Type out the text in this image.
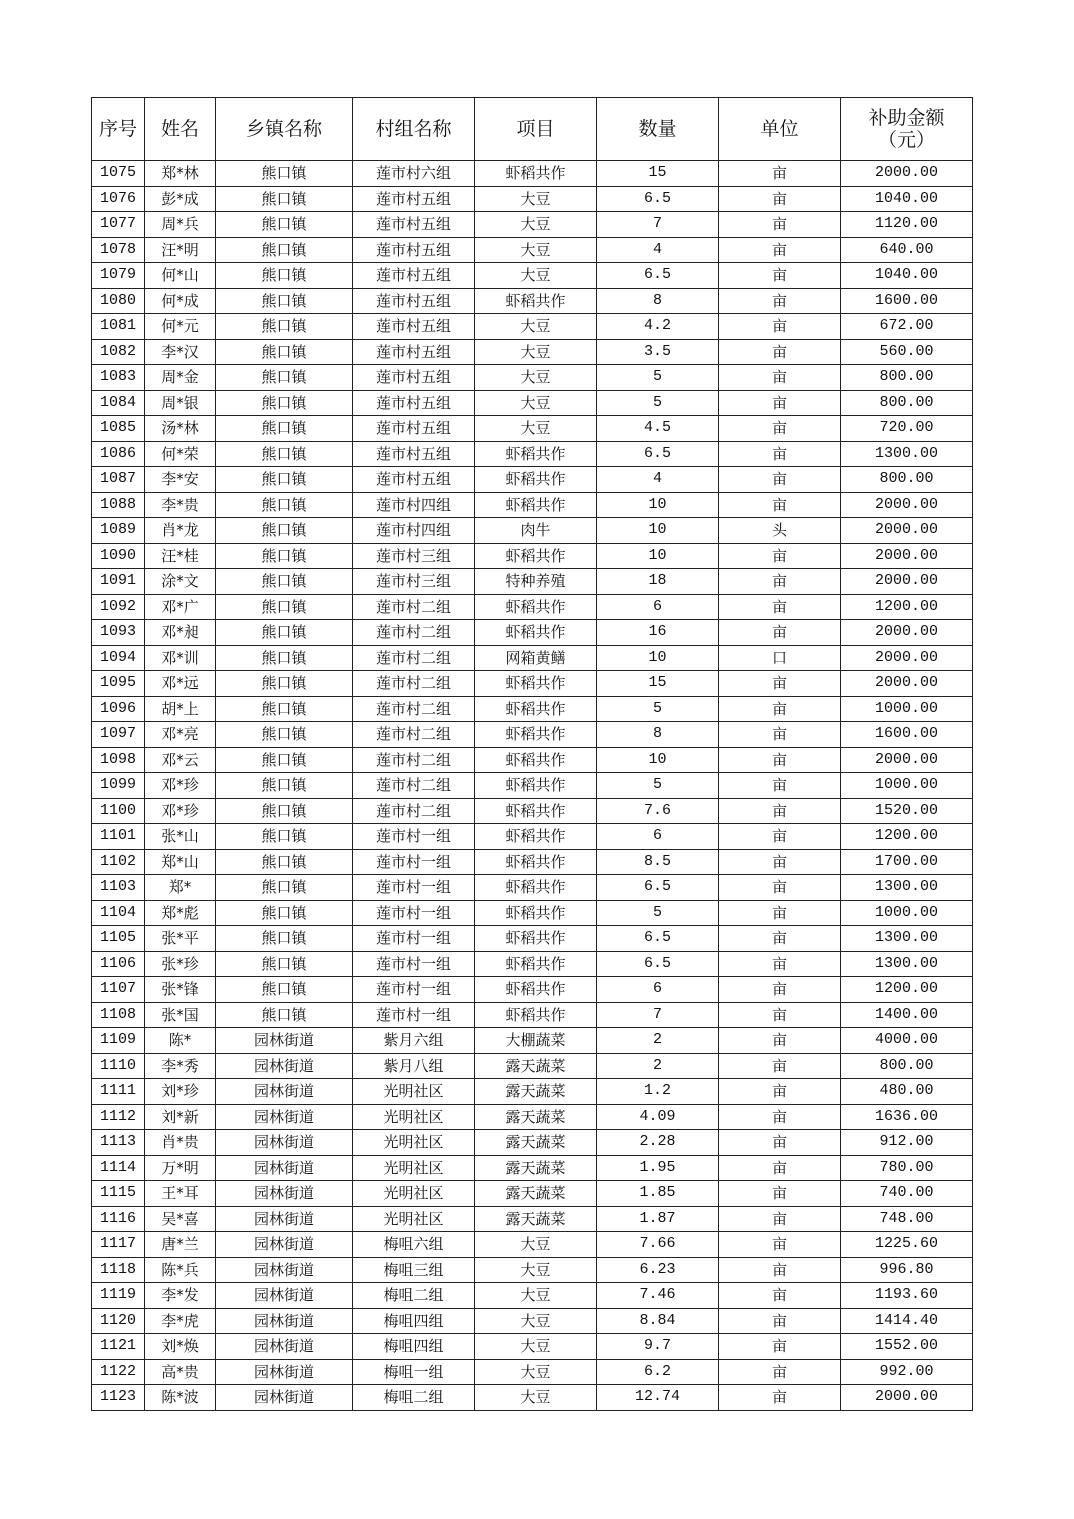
序号	姓名	乡镇名称	村组名称	项目	数量	单位	补助金额
（元）
1075	郑*林	熊口镇	莲市村六组	虾稻共作	15	亩	2000.00
1076	彭*成	熊口镇	莲市村五组	大豆	6.5	亩	1040.00
1077	周*兵	熊口镇	莲市村五组	大豆	7	亩	1120.00
1078	汪*明	熊口镇	莲市村五组	大豆	4	亩	640.00
1079	何*山	熊口镇	莲市村五组	大豆	6.5	亩	1040.00
1080	何*成	熊口镇	莲市村五组	虾稻共作	8	亩	1600.00
1081	何*元	熊口镇	莲市村五组	大豆	4.2	亩	672.00
1082	李*汉	熊口镇	莲市村五组	大豆	3.5	亩	560.00
1083	周*金	熊口镇	莲市村五组	大豆	5	亩	800.00
1084	周*银	熊口镇	莲市村五组	大豆	5	亩	800.00
1085	汤*林	熊口镇	莲市村五组	大豆	4.5	亩	720.00
1086	何*荣	熊口镇	莲市村五组	虾稻共作	6.5	亩	1300.00
1087	李*安	熊口镇	莲市村五组	虾稻共作	4	亩	800.00
1088	李*贵	熊口镇	莲市村四组	虾稻共作	10	亩	2000.00
1089	肖*龙	熊口镇	莲市村四组	肉牛	10	头	2000.00
1090	汪*桂	熊口镇	莲市村三组	虾稻共作	10	亩	2000.00
1091	涂*文	熊口镇	莲市村三组	特种养殖	18	亩	2000.00
1092	邓*广	熊口镇	莲市村二组	虾稻共作	6	亩	1200.00
1093	邓*昶	熊口镇	莲市村二组	虾稻共作	16	亩	2000.00
1094	邓*训	熊口镇	莲市村二组	网箱黄鳝	10	口	2000.00
1095	邓*远	熊口镇	莲市村二组	虾稻共作	15	亩	2000.00
1096	胡*上	熊口镇	莲市村二组	虾稻共作	5	亩	1000.00
1097	邓*亮	熊口镇	莲市村二组	虾稻共作	8	亩	1600.00
1098	邓*云	熊口镇	莲市村二组	虾稻共作	10	亩	2000.00
1099	邓*珍	熊口镇	莲市村二组	虾稻共作	5	亩	1000.00
1100	邓*珍	熊口镇	莲市村二组	虾稻共作	7.6	亩	1520.00
1101	张*山	熊口镇	莲市村一组	虾稻共作	6	亩	1200.00
1102	郑*山	熊口镇	莲市村一组	虾稻共作	8.5	亩	1700.00
1103	郑*	熊口镇	莲市村一组	虾稻共作	6.5	亩	1300.00
1104	郑*彪	熊口镇	莲市村一组	虾稻共作	5	亩	1000.00
1105	张*平	熊口镇	莲市村一组	虾稻共作	6.5	亩	1300.00
1106	张*珍	熊口镇	莲市村一组	虾稻共作	6.5	亩	1300.00
1107	张*锋	熊口镇	莲市村一组	虾稻共作	6	亩	1200.00
1108	张*国	熊口镇	莲市村一组	虾稻共作	7	亩	1400.00
1109	陈*	园林街道	紫月六组	大棚蔬菜	2	亩	4000.00
1110	李*秀	园林街道	紫月八组	露天蔬菜	2	亩	800.00
1111	刘*珍	园林街道	光明社区	露天蔬菜	1.2	亩	480.00
1112	刘*新	园林街道	光明社区	露天蔬菜	4.09	亩	1636.00
1113	肖*贵	园林街道	光明社区	露天蔬菜	2.28	亩	912.00
1114	万*明	园林街道	光明社区	露天蔬菜	1.95	亩	780.00
1115	王*耳	园林街道	光明社区	露天蔬菜	1.85	亩	740.00
1116	吴*喜	园林街道	光明社区	露天蔬菜	1.87	亩	748.00
1117	唐*兰	园林街道	梅咀六组	大豆	7.66	亩	1225.60
1118	陈*兵	园林街道	梅咀三组	大豆	6.23	亩	996.80
1119	李*发	园林街道	梅咀二组	大豆	7.46	亩	1193.60
1120	李*虎	园林街道	梅咀四组	大豆	8.84	亩	1414.40
1121	刘*焕	园林街道	梅咀四组	大豆	9.7	亩	1552.00
1122	高*贵	园林街道	梅咀一组	大豆	6.2	亩	992.00
1123	陈*波	园林街道	梅咀二组	大豆	12.74	亩	2000.00
